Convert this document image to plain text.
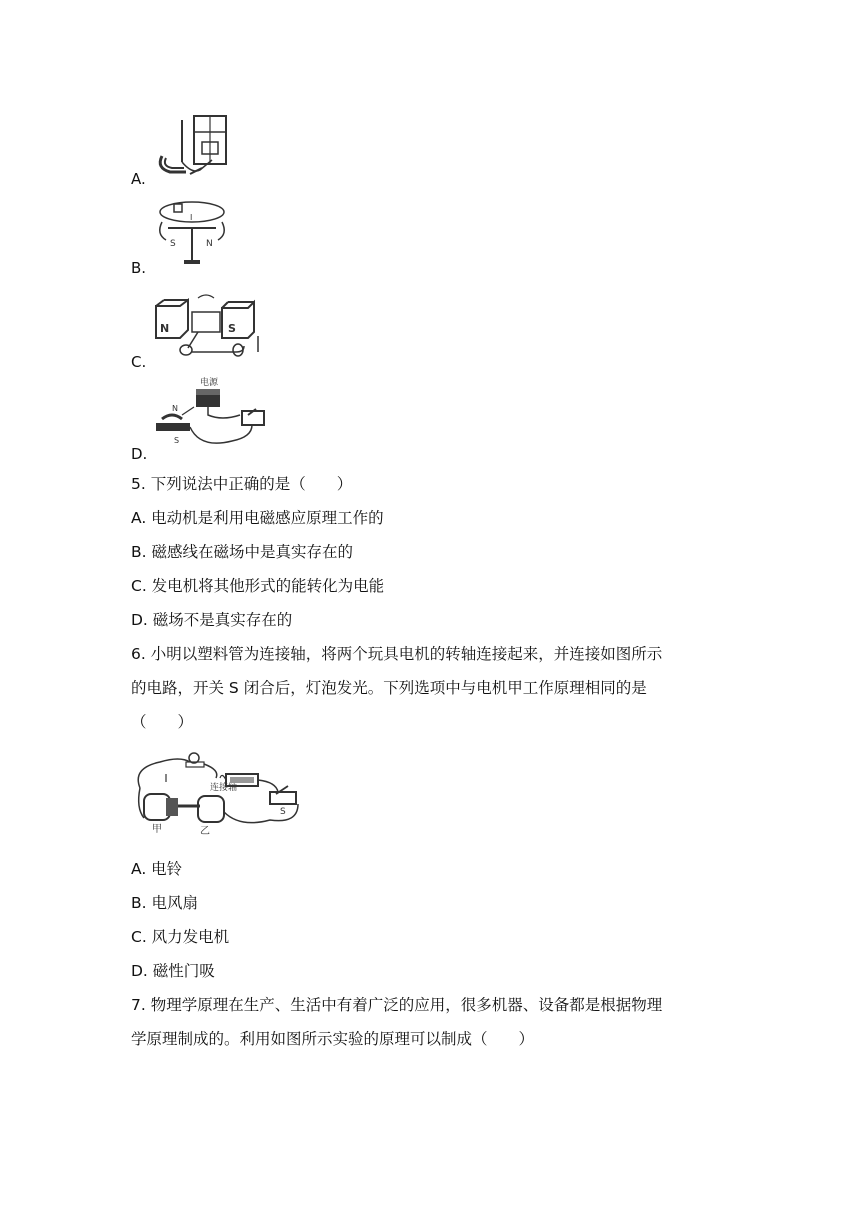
A.
I
S	N
B.
N	S
C.
电源
N
S
D.
5. 下列说法中正确的是（　　）
A. 电动机是利用电磁感应原理工作的
B. 磁感线在磁场中是真实存在的
C. 发电机将其他形式的能转化为电能
D. 磁场不是真实存在的
6. 小明以塑料管为连接轴，将两个玩具电机的转轴连接起来，并连接如图所示
的电路，开关 S 闭合后，灯泡发光。下列选项中与电机甲工作原理相同的是
（　　）
连接轴
S
甲	乙
A. 电铃
B. 电风扇
C. 风力发电机
D. 磁性门吸
7. 物理学原理在生产、生活中有着广泛的应用，很多机器、设备都是根据物理
学原理制成的。利用如图所示实验的原理可以制成（　　）
